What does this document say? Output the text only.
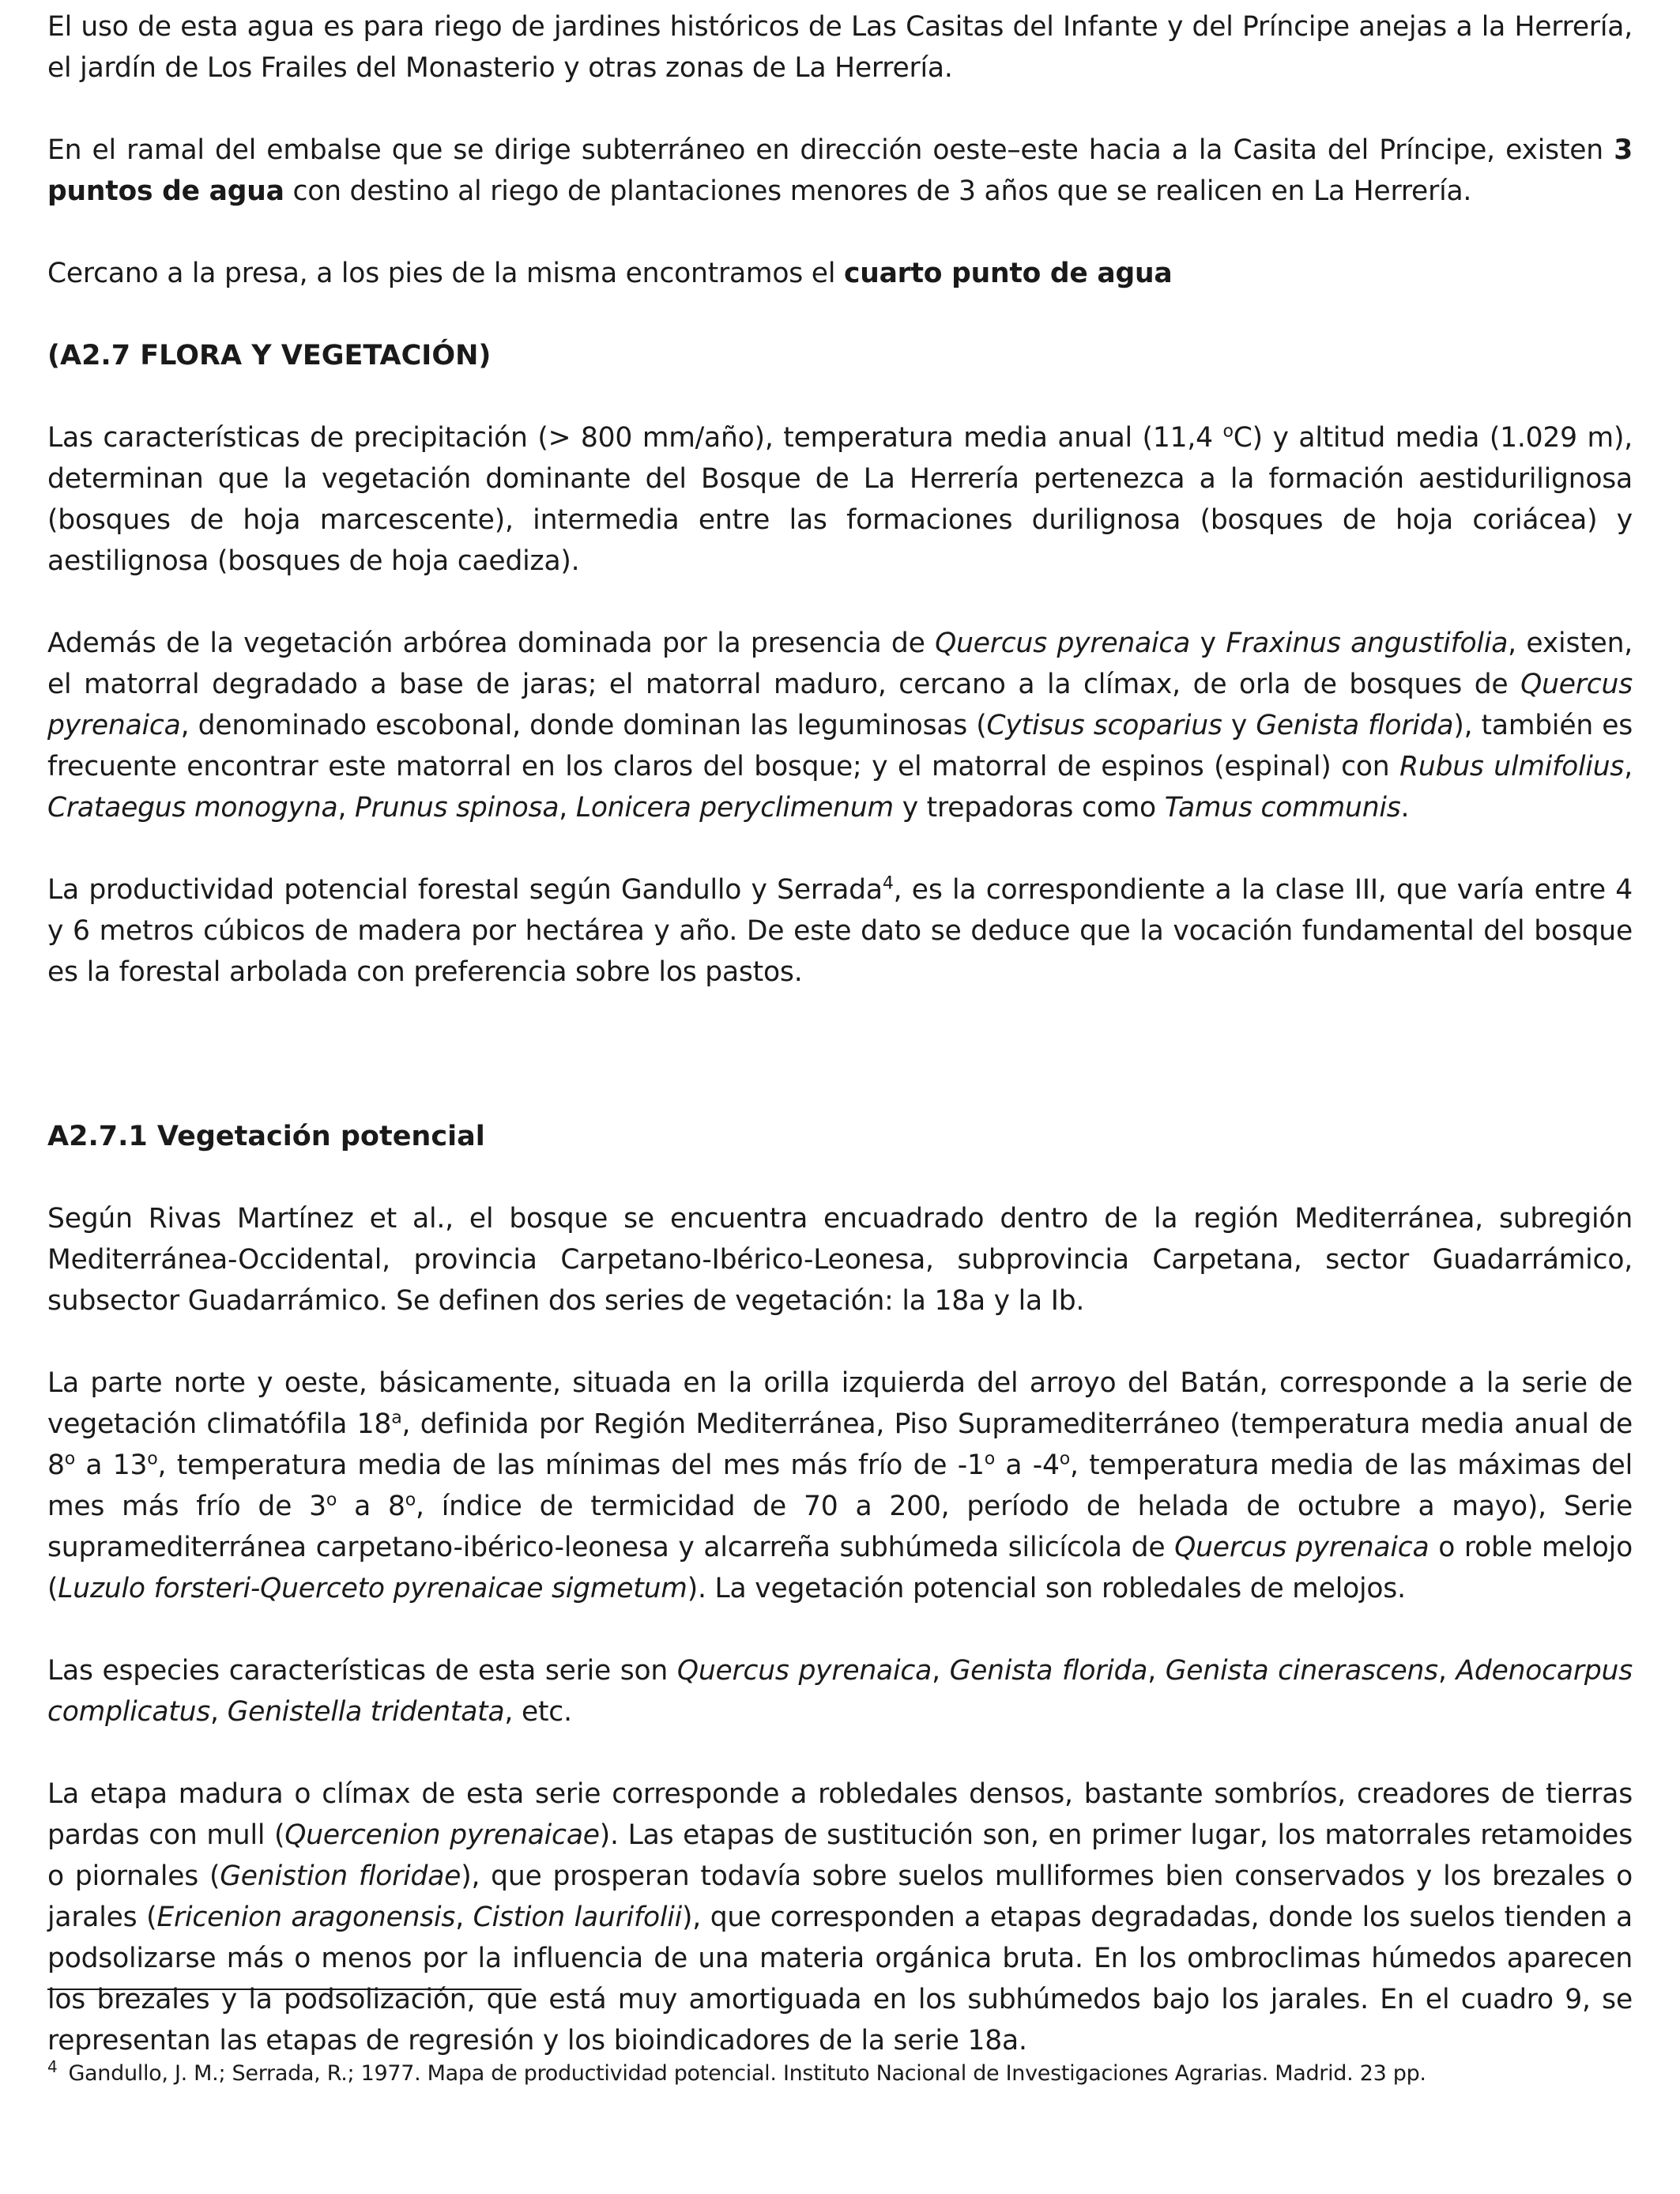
El uso de esta agua es para riego de jardines históricos de Las Casitas del Infante y del Príncipe anejas a la Herrería, el jardín de Los Frailes del Monasterio y otras zonas de La Herrería.

En el ramal del embalse que se dirige subterráneo en dirección oeste–este hacia a la Casita del Príncipe, existen 3 puntos de agua con destino al riego de plantaciones menores de 3 años que se realicen en La Herrería.

Cercano a la presa, a los pies de la misma encontramos el cuarto punto de agua

(A2.7 FLORA Y VEGETACIÓN)

Las características de precipitación (> 800 mm/año), temperatura media anual (11,4 $^o$C) y altitud media (1.029 m), determinan que la vegetación dominante del Bosque de La Herrería pertenezca a la formación aestidurilignosa (bosques de hoja marcescente), intermedia entre las formaciones durilignosa (bosques de hoja coriácea) y aestilignosa (bosques de hoja caediza).

Además de la vegetación arbórea dominada por la presencia de Quercus pyrenaica y Fraxinus angustifolia, existen, el matorral degradado a base de jaras; el matorral maduro, cercano a la clímax, de orla de bosques de Quercus pyrenaica, denominado escobonal, donde dominan las leguminosas (Cytisus scoparius y Genista florida), también es frecuente encontrar este matorral en los claros del bosque; y el matorral de espinos (espinal) con Rubus ulmifolius, Crataegus monogyna, Prunus spinosa, Lonicera peryclimenum y trepadoras como Tamus communis.

La productividad potencial forestal según Gandullo y Serrada$^4$, es la correspondiente a la clase III, que varía entre 4 y 6 metros cúbicos de madera por hectárea y año. De este dato se deduce que la vocación fundamental del bosque es la forestal arbolada con preferencia sobre los pastos.

A2.7.1 Vegetación potencial

Según Rivas Martínez et al., el bosque se encuentra encuadrado dentro de la región Mediterránea, subregión Mediterránea-Occidental, provincia Carpetano-Ibérico-Leonesa, subprovincia Carpetana, sector Guadarrámico, subsector Guadarrámico. Se definen dos series de vegetación: la 18a y la Ib.

La parte norte y oeste, básicamente, situada en la orilla izquierda del arroyo del Batán, corresponde a la serie de vegetación climatófila 18$^a$, definida por Región Mediterránea, Piso Supramediterráneo (temperatura media anual de 8$^o$ a 13$^o$, temperatura media de las mínimas del mes más frío de -1$^o$ a -4$^o$, temperatura media de las máximas del mes más frío de 3$^o$ a 8$^o$, índice de termicidad de 70 a 200, período de helada de octubre a mayo), Serie supramediterránea carpetano-ibérico-leonesa y alcarreña subhúmeda silicícola de Quercus pyrenaica o roble melojo (Luzulo forsteri-Querceto pyrenaicae sigmetum). La vegetación potencial son robledales de melojos.

Las especies características de esta serie son Quercus pyrenaica, Genista florida, Genista cinerascens, Adenocarpus complicatus, Genistella tridentata, etc.

La etapa madura o clímax de esta serie corresponde a robledales densos, bastante sombríos, creadores de tierras pardas con mull (Quercenion pyrenaicae). Las etapas de sustitución son, en primer lugar, los matorrales retamoides o piornales (Genistion floridae), que prosperan todavía sobre suelos mulliformes bien conservados y los brezales o jarales (Ericenion aragonensis, Cistion laurifolii), que corresponden a etapas degradadas, donde los suelos tienden a podsolizarse más o menos por la influencia de una materia orgánica bruta. En los ombroclimas húmedos aparecen los brezales y la podsolización, que está muy amortiguada en los subhúmedos bajo los jarales. En el cuadro 9, se representan las etapas de regresión y los bioindicadores de la serie 18a.

$^4$ Gandullo, J. M.; Serrada, R.; 1977. Mapa de productividad potencial. Instituto Nacional de Investigaciones Agrarias. Madrid. 23 pp.
